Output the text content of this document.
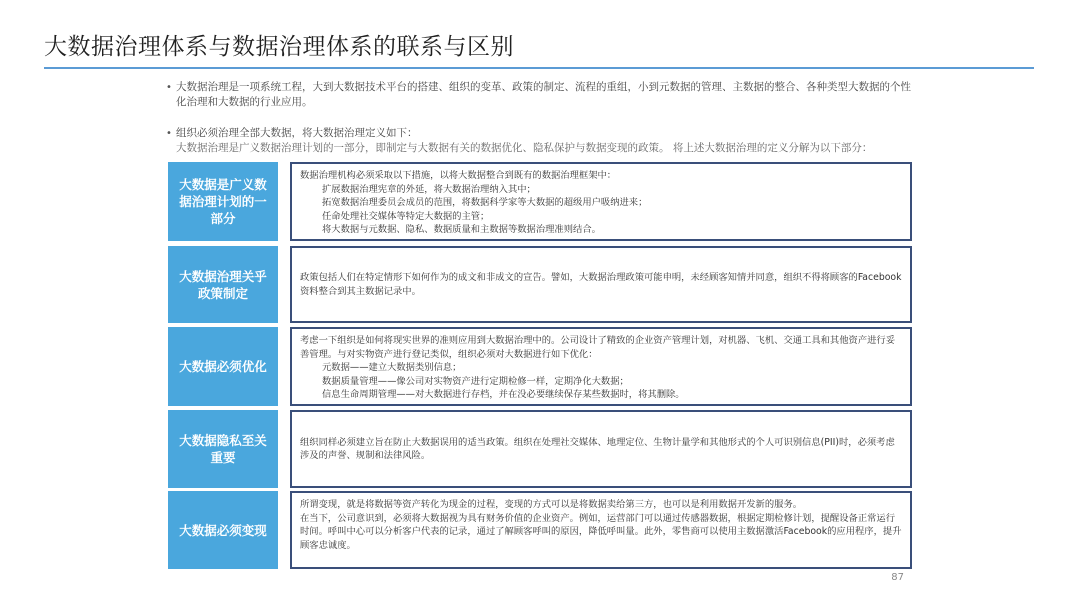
大数据治理体系与数据治理体系的联系与区别
• 大数据治理是一项系统工程，大到大数据技术平台的搭建、组织的变革、政策的制定、流程的重组，小到元数据的管理、主数据的整合、各种类型大数据的个性化治理和大数据的行业应用。
• 组织必须治理全部大数据，将大数据治理定义如下：
大数据治理是广义数据治理计划的一部分，即制定与大数据有关的数据优化、隐私保护与数据变现的政策。 将上述大数据治理的定义分解为以下部分：
大数据是广义数据治理计划的一部分
数据治理机构必须采取以下措施，以将大数据整合到既有的数据治理框架中：
扩展数据治理宪章的外延，将大数据治理纳入其中；
拓宽数据治理委员会成员的范围，将数据科学家等大数据的超级用户吸纳进来；
任命处理社交媒体等特定大数据的主管；
将大数据与元数据、隐私、数据质量和主数据等数据治理准则结合。
大数据治理关乎政策制定
政策包括人们在特定情形下如何作为的成文和非成文的宣告。譬如，大数据治理政策可能申明，未经顾客知情并同意，组织不得将顾客的Facebook资料整合到其主数据记录中。
大数据必须优化
考虑一下组织是如何将现实世界的准则应用到大数据治理中的。公司设计了精致的企业资产管理计划，对机器、飞机、交通工具和其他资产进行妥善管理。与对实物资产进行登记类似，组织必须对大数据进行如下优化：
元数据——建立大数据类别信息；
数据质量管理——像公司对实物资产进行定期检修一样，定期净化大数据；
信息生命周期管理——对大数据进行存档，并在没必要继续保存某些数据时，将其删除。
大数据隐私至关重要
组织同样必须建立旨在防止大数据误用的适当政策。组织在处理社交媒体、地理定位、生物计量学和其他形式的个人可识别信息(PII)时，必须考虑涉及的声誉、规制和法律风险。
大数据必须变现
所谓变现，就是将数据等资产转化为现金的过程，变现的方式可以是将数据卖给第三方，也可以是利用数据开发新的服务。
在当下，公司意识到，必须将大数据视为具有财务价值的企业资产。例如，运营部门可以通过传感器数据，根据定期检修计划，提醒设备正常运行时间。呼叫中心可以分析客户代表的记录，通过了解顾客呼叫的原因，降低呼叫量。此外，零售商可以使用主数据激活Facebook的应用程序，提升顾客忠诚度。
87
